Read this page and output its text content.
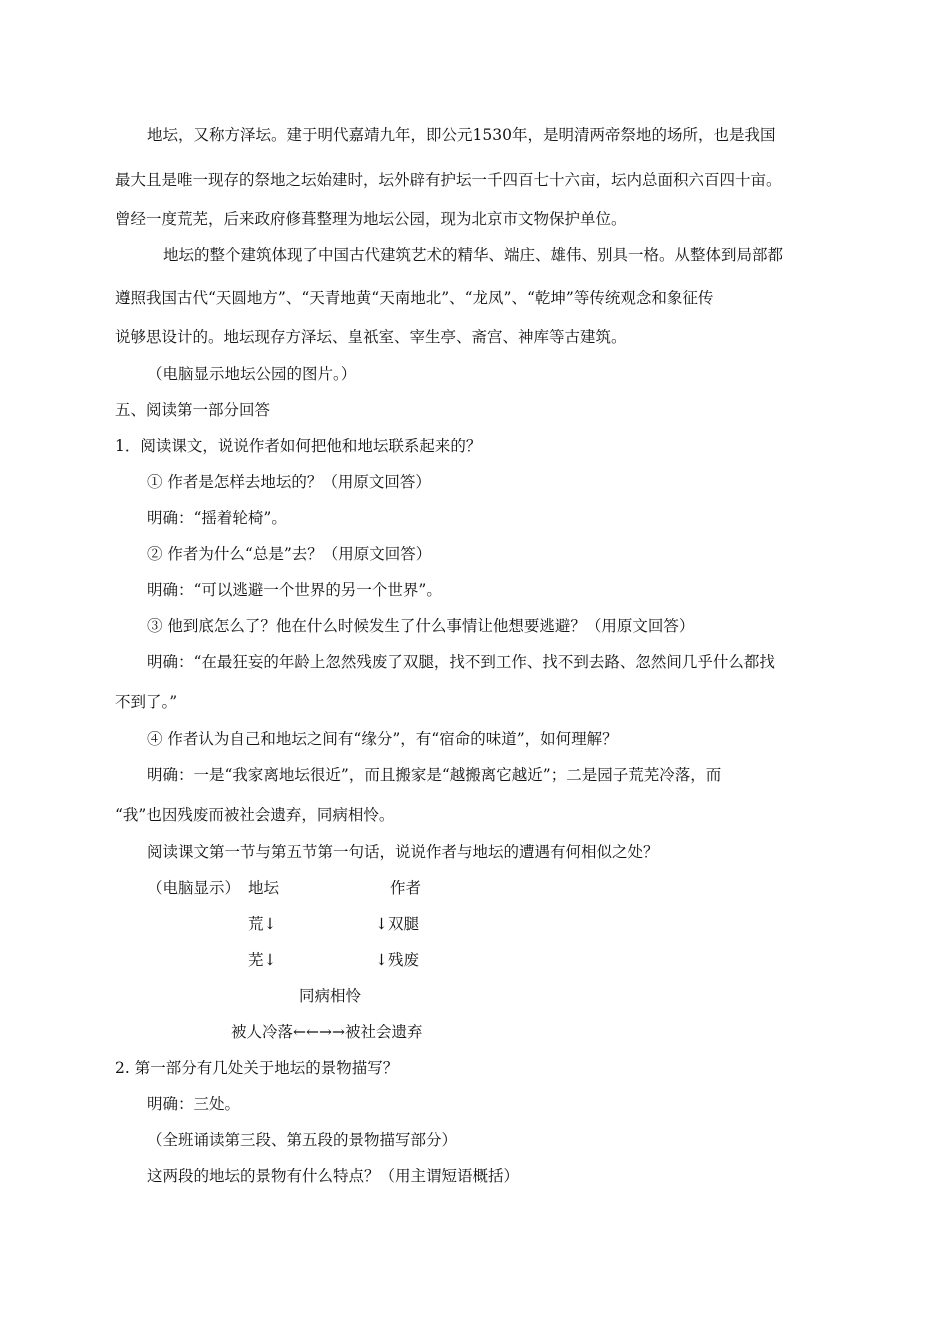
地坛，又称方泽坛。建于明代嘉靖九年，即公元1530年，是明清两帝祭地的场所，也是我国
最大且是唯一现存的祭地之坛始建时，坛外辟有护坛一千四百七十六亩，坛内总面积六百四十亩。
曾经一度荒芜，后来政府修葺整理为地坛公园，现为北京市文物保护单位。
地坛的整个建筑体现了中国古代建筑艺术的精华、端庄、雄伟、别具一格。从整体到局部都
遵照我国古代“天圆地方”、“天青地黄“天南地北”、“龙凤”、“乾坤”等传统观念和象征传
说够思设计的。地坛现存方泽坛、皇祇室、宰生亭、斋宫、神库等古建筑。
（电脑显示地坛公园的图片。）
五、阅读第一部分回答
1．阅读课文，说说作者如何把他和地坛联系起来的？
① 作者是怎样去地坛的？（用原文回答）
明确：“摇着轮椅”。
② 作者为什么“总是”去？（用原文回答）
明确：“可以逃避一个世界的另一个世界”。
③ 他到底怎么了？他在什么时候发生了什么事情让他想要逃避？（用原文回答）
明确：“在最狂妄的年龄上忽然残废了双腿，找不到工作、找不到去路、忽然间几乎什么都找
不到了。”
④ 作者认为自己和地坛之间有“缘分”，有“宿命的味道”，如何理解？
明确：一是“我家离地坛很近”，而且搬家是“越搬离它越近”；二是园子荒芜冷落，而
“我”也因残废而被社会遗弃，同病相怜。
阅读课文第一节与第五节第一句话，说说作者与地坛的遭遇有何相似之处？
（电脑显示） 地坛	作者
荒↓	↓双腿
芜↓	↓残废
同病相怜
被人冷落←←→→被社会遗弃
2. 第一部分有几处关于地坛的景物描写？
明确：三处。
（全班诵读第三段、第五段的景物描写部分）
这两段的地坛的景物有什么特点？（用主谓短语概括）
